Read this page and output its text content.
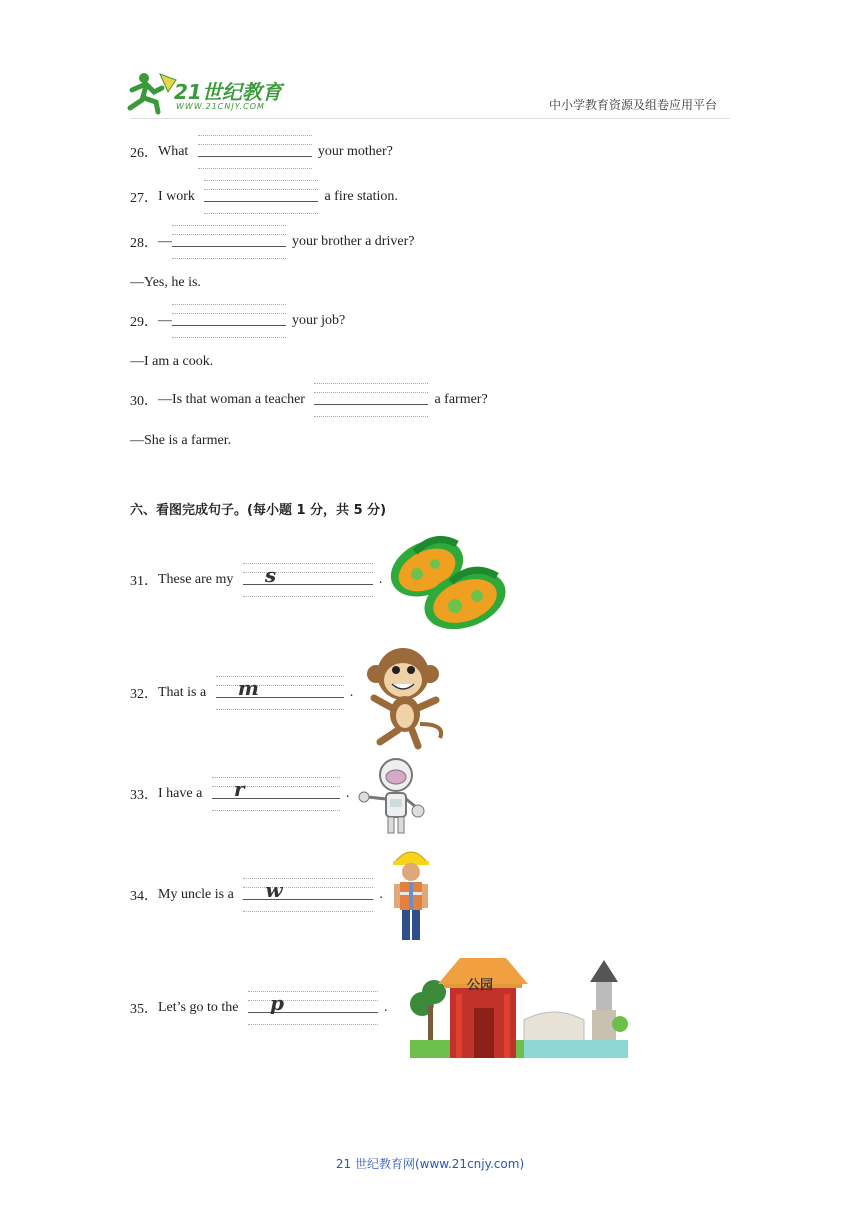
21世纪教育
WWW.21CNJY.COM	中小学教育资源及组卷应用平台
26．What	your mother?
27．I work	a fire station.
28．—	your brother a driver?
—Yes, he is.
29．—	your job?
—I am a cook.
30．—Is that woman a teacher	a farmer?
—She is a farmer.
六、看图完成句子。(每小题 1 分，共 5 分)
31．These are my s	.
32．That is a m	.
33．I have a r	.
34．My uncle is a w	.
35．Let’s go to the p	.
公园
21 世纪教育网(www.21cnjy.com)
